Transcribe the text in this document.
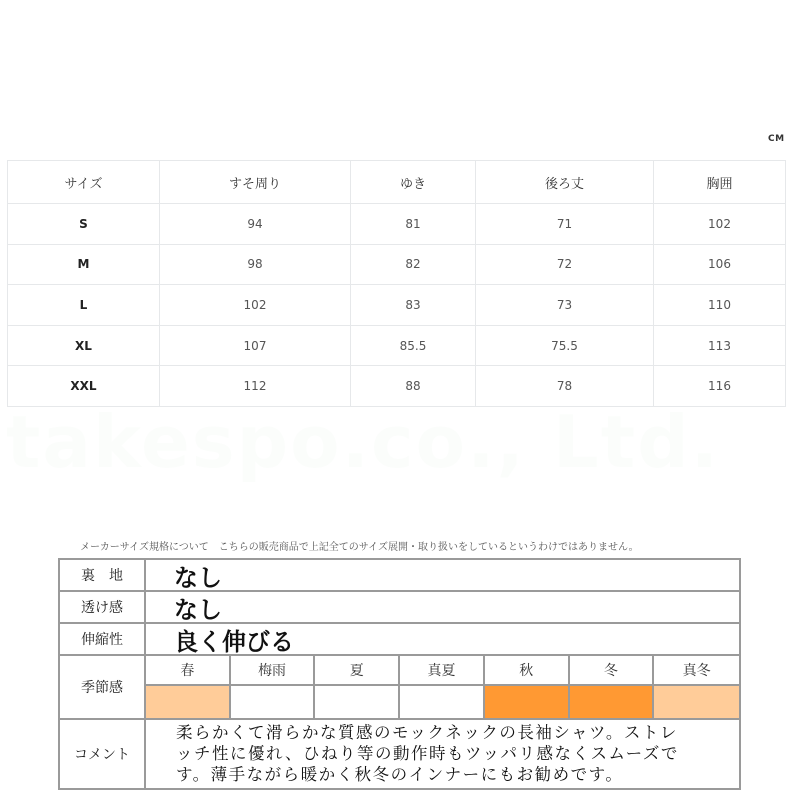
CM
サイズ	すそ周り	ゆき	後ろ丈	胸囲
S	94	81	71	102
M	98	82	72	106
L	102	83	73	110
XL	107	85.5	75.5	113
XXL	112	88	78	116
takespo.co., Ltd.
メーカーサイズ規格について　こちらの販売商品で上記全てのサイズ展開・取り扱いをしているというわけではありません。
裏　地	なし
透け感	なし
伸縮性	良く伸びる
季節感
春	梅雨	夏	真夏	秋	冬	真冬
コメント
柔らかくて滑らかな質感のモックネックの長袖シャツ。ストレ
ッチ性に優れ、ひねり等の動作時もツッパリ感なくスムーズで
す。薄手ながら暖かく秋冬のインナーにもお勧めです。
